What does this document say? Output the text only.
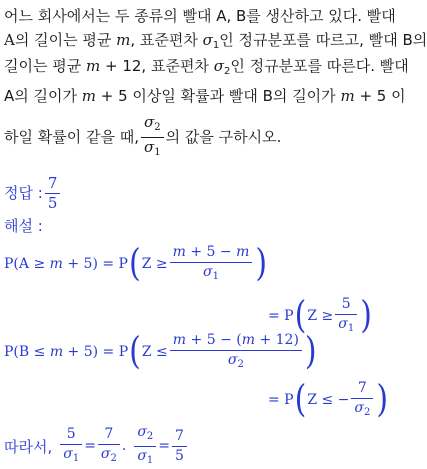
어느 회사에서는 두 종류의 빨대 A, B를 생산하고 있다. 빨대
A의 길이는 평균 m, 표준편차 $\sigma_1$인 정규분포를 따르고, 빨대 B의
길이는 평균 m + 12, 표준편차 $\sigma_2$인 정규분포를 따른다. 빨대
A의 길이가 m + 5 이상일 확률과 빨대 B의 길이가 m + 5 이
하일 확률이 같을 때, $\frac{\sigma_2}{\sigma_1}$ 의 값을 구하시오.
정답 : $\frac{7}{5}$
해설 :
P(A ≥ m + 5) = P ( $Z \ge \frac{m + 5 - m}{\sigma_1}$ )
= P ( $Z \ge \frac{5}{\sigma_1}$ )
P(B ≤ m + 5) = P ( $Z \le \frac{m + 5 - (m + 12)}{\sigma_2}$ )
= P ( Z ≤ − $\frac{7}{\sigma_2}$ )
따라서, $\frac{5}{\sigma_1} = \frac{7}{\sigma_2}$ . $\frac{\sigma_2}{\sigma_1} = \frac{7}{5}$
